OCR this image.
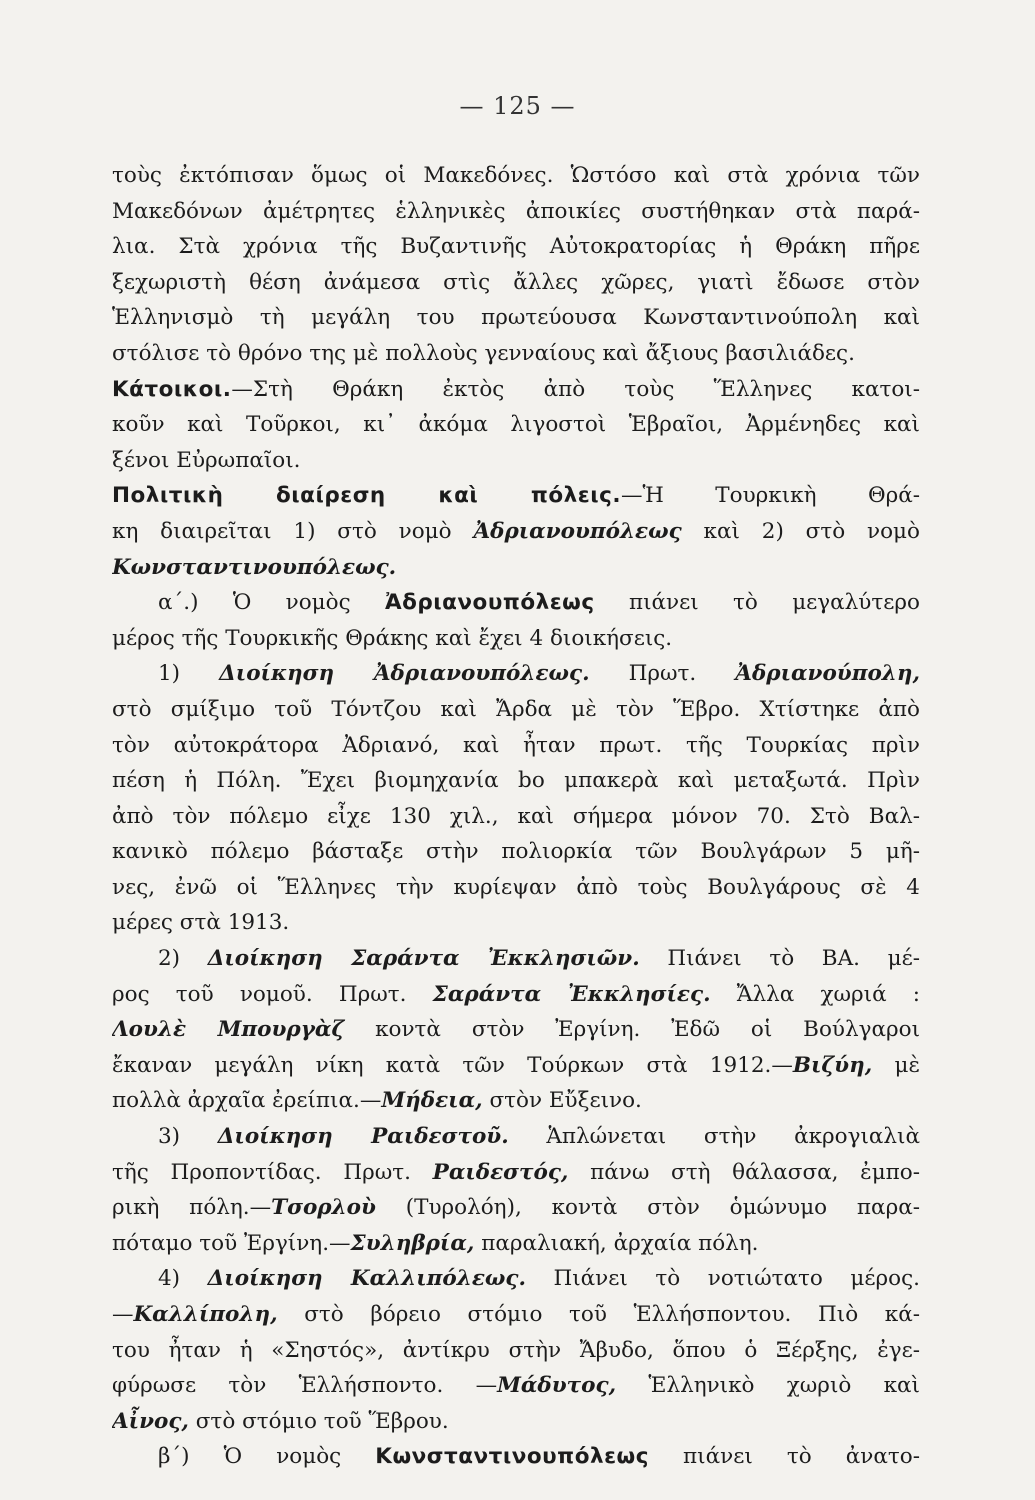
— 125 —
τοὺς ἐκτόπισαν ὅμως οἱ Μακεδόνες. Ὡστόσο καὶ στὰ χρόνια τῶν
Μακεδόνων ἀμέτρητες ἑλληνικὲς ἀποικίες συστήθηκαν στὰ παρά-
λια. Στὰ χρόνια τῆς Βυζαντινῆς Αὐτοκρατορίας ἡ Θράκη πῆρε
ξεχωριστὴ θέση ἀνάμεσα στὶς ἄλλες χῶρες, γιατὶ ἔδωσε στὸν
Ἑλληνισμὸ τὴ μεγάλη του πρωτεύουσα Κωνσταντινούπολη καὶ
στόλισε τὸ θρόνο της μὲ πολλοὺς γενναίους καὶ ἄξιους βασιλιάδες.
Κάτοικοι.—Στὴ Θράκη ἐκτὸς ἀπὸ τοὺς Ἕλληνες κατοι-
κοῦν καὶ Τοῦρκοι, κι᾿ ἀκόμα λιγοστοὶ Ἑβραῖοι, Ἀρμένηδες καὶ
ξένοι Εὐρωπαῖοι.
Πολιτικὴ διαίρεση καὶ πόλεις.—Ἡ Τουρκικὴ Θρά-
κη διαιρεῖται 1) στὸ νομὸ Ἀδριανουπόλεως καὶ 2) στὸ νομὸ
Κωνσταντινουπόλεως.
α΄.) Ὁ νομὸς Ἀδριανουπόλεως πιάνει τὸ μεγαλύτερο
μέρος τῆς Τουρκικῆς Θράκης καὶ ἔχει 4 διοικήσεις.
1) Διοίκηση Ἀδριανουπόλεως. Πρωτ. Ἀδριανούπολη,
στὸ σμίξιμο τοῦ Τόντζου καὶ Ἄρδα μὲ τὸν Ἕβρο. Χτίστηκε ἀπὸ
τὸν αὐτοκράτορα Ἀδριανό, καὶ ἦταν πρωτ. τῆς Τουρκίας πρὶν
πέση ἡ Πόλη. Ἔχει βιομηχανία bo μπακερὰ καὶ μεταξωτά. Πρὶν
ἀπὸ τὸν πόλεμο εἶχε 130 χιλ., καὶ σήμερα μόνον 70. Στὸ Βαλ-
κανικὸ πόλεμο βάσταξε στὴν πολιορκία τῶν Βουλγάρων 5 μῆ-
νες, ἐνῶ οἱ Ἕλληνες τὴν κυρίεψαν ἀπὸ τοὺς Βουλγάρους σὲ 4
μέρες στὰ 1913.
2) Διοίκηση Σαράντα Ἐκκλησιῶν. Πιάνει τὸ ΒΑ. μέ-
ρος τοῦ νομοῦ. Πρωτ. Σαράντα Ἐκκλησίες. Ἄλλα χωριά :
Λουλὲ Μπουργὰζ κοντὰ στὸν Ἐργίνη. Ἐδῶ οἱ Βούλγαροι
ἔκαναν μεγάλη νίκη κατὰ τῶν Τούρκων στὰ 1912.—Βιζύη, μὲ
πολλὰ ἀρχαῖα ἐρείπια.—Μήδεια, στὸν Εὔξεινο.
3) Διοίκηση Ραιδεστοῦ. Ἁπλώνεται στὴν ἀκρογιαλιὰ
τῆς Προποντίδας. Πρωτ. Ραιδεστός, πάνω στὴ θάλασσα, ἐμπο-
ρικὴ πόλη.—Τσορλοὺ (Τυρολόη), κοντὰ στὸν ὁμώνυμο παρα-
πόταμο τοῦ Ἐργίνη.—Συληβρία, παραλιακή, ἀρχαία πόλη.
4) Διοίκηση Καλλιπόλεως. Πιάνει τὸ νοτιώτατο μέρος.
—Καλλίπολη, στὸ βόρειο στόμιο τοῦ Ἑλλήσποντου. Πιὸ κά-
του ἦταν ἡ «Σηστός», ἀντίκρυ στὴν Ἄβυδο, ὅπου ὁ Ξέρξης, ἐγε-
φύρωσε τὸν Ἑλλήσποντο. —Μάδυτος, Ἑλληνικὸ χωριὸ καὶ
Αἶνος, στὸ στόμιο τοῦ Ἕβρου.
β΄) Ὁ νομὸς Κωνσταντινουπόλεως πιάνει τὸ ἀνατο-
